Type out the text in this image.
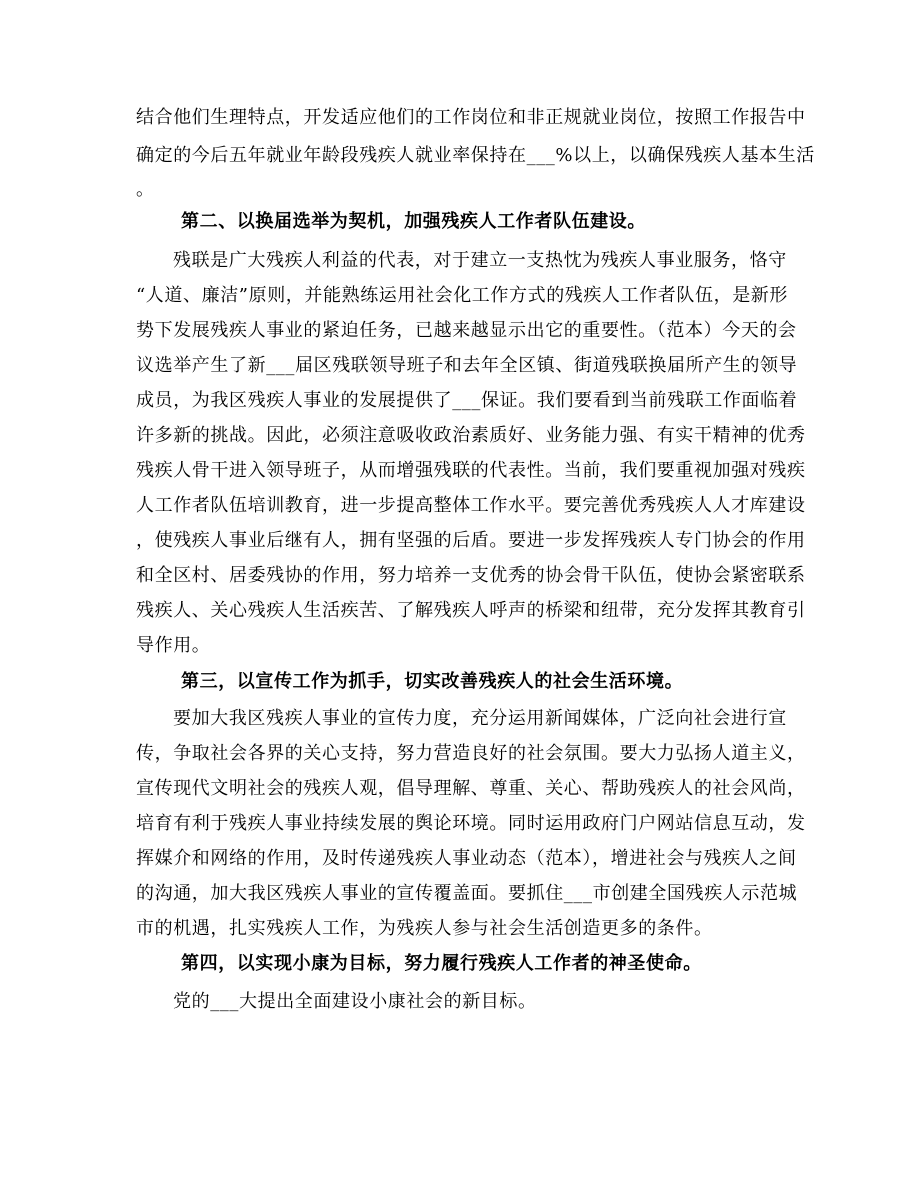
结合他们生理特点，开发适应他们的工作岗位和非正规就业岗位，按照工作报告中
确定的今后五年就业年龄段残疾人就业率保持在___%以上，以确保残疾人基本生活
。
第二、以换届选举为契机，加强残疾人工作者队伍建设。
残联是广大残疾人利益的代表，对于建立一支热忱为残疾人事业服务，恪守
“人道、廉洁”原则，并能熟练运用社会化工作方式的残疾人工作者队伍，是新形
势下发展残疾人事业的紧迫任务，已越来越显示出它的重要性。（范本）今天的会
议选举产生了新___届区残联领导班子和去年全区镇、街道残联换届所产生的领导
成员，为我区残疾人事业的发展提供了___保证。我们要看到当前残联工作面临着
许多新的挑战。因此，必须注意吸收政治素质好、业务能力强、有实干精神的优秀
残疾人骨干进入领导班子，从而增强残联的代表性。当前，我们要重视加强对残疾
人工作者队伍培训教育，进一步提高整体工作水平。要完善优秀残疾人人才库建设
，使残疾人事业后继有人，拥有坚强的后盾。要进一步发挥残疾人专门协会的作用
和全区村、居委残协的作用，努力培养一支优秀的协会骨干队伍，使协会紧密联系
残疾人、关心残疾人生活疾苦、了解残疾人呼声的桥梁和纽带，充分发挥其教育引
导作用。
第三，以宣传工作为抓手，切实改善残疾人的社会生活环境。
要加大我区残疾人事业的宣传力度，充分运用新闻媒体，广泛向社会进行宣
传，争取社会各界的关心支持，努力营造良好的社会氛围。要大力弘扬人道主义，
宣传现代文明社会的残疾人观，倡导理解、尊重、关心、帮助残疾人的社会风尚，
培育有利于残疾人事业持续发展的舆论环境。同时运用政府门户网站信息互动，发
挥媒介和网络的作用，及时传递残疾人事业动态（范本），增进社会与残疾人之间
的沟通，加大我区残疾人事业的宣传覆盖面。要抓住___市创建全国残疾人示范城
市的机遇，扎实残疾人工作，为残疾人参与社会生活创造更多的条件。
第四，以实现小康为目标，努力履行残疾人工作者的神圣使命。
党的___大提出全面建设小康社会的新目标。
